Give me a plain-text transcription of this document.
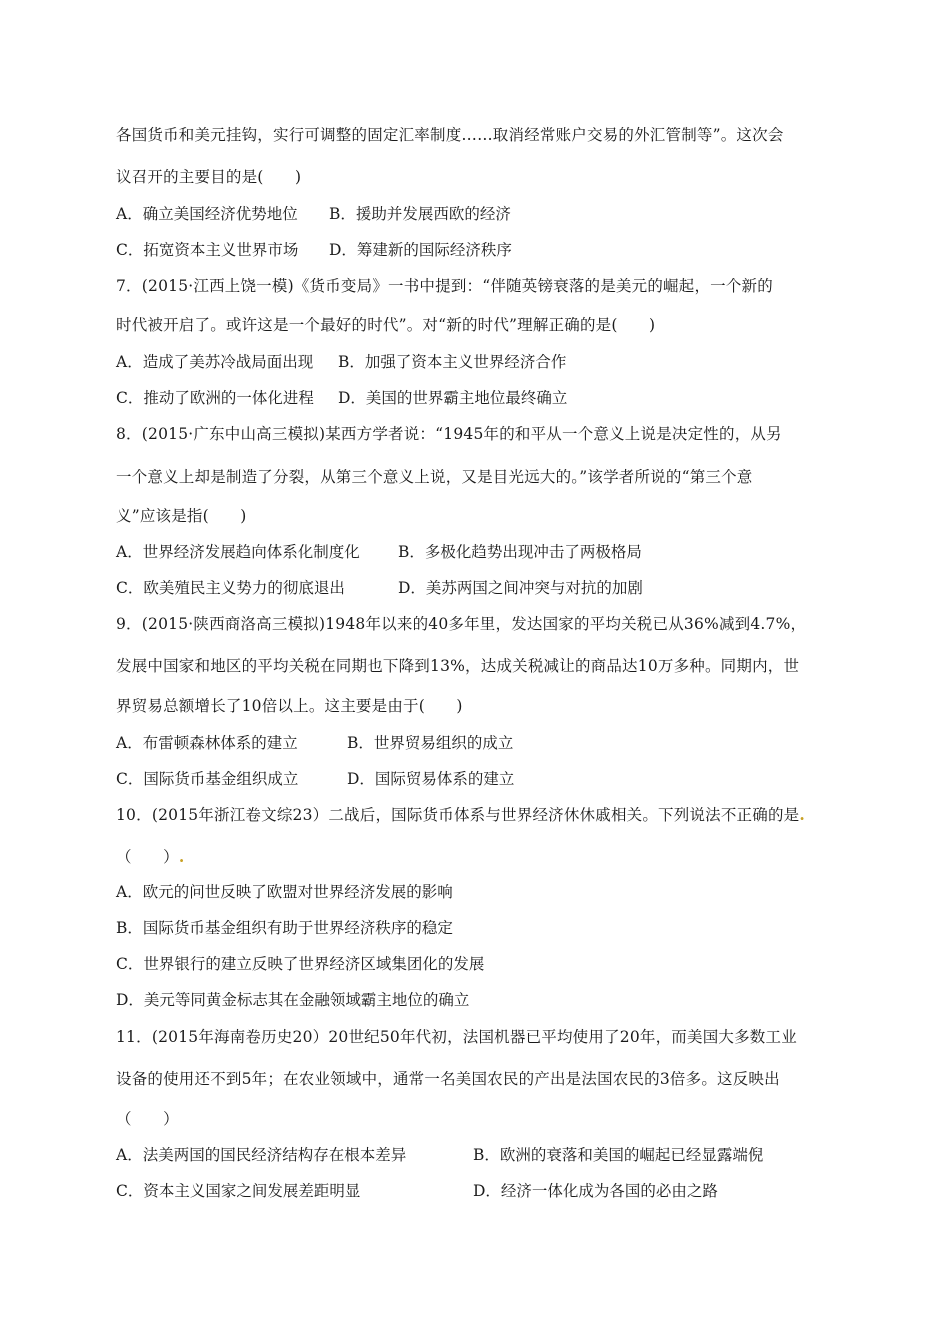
各国货币和美元挂钩，实行可调整的固定汇率制度……取消经常账户交易的外汇管制等”。这次会
议召开的主要目的是(　　)
A．确立美国经济优势地位 B．援助并发展西欧的经济
C．拓宽资本主义世界市场 D．筹建新的国际经济秩序
7．(2015·江西上饶一模)《货币变局》一书中提到：“伴随英镑衰落的是美元的崛起，一个新的
时代被开启了。或许这是一个最好的时代”。对“新的时代”理解正确的是(　　)
A．造成了美苏冷战局面出现 B．加强了资本主义世界经济合作
C．推动了欧洲的一体化进程 D．美国的世界霸主地位最终确立
8．(2015·广东中山高三模拟)某西方学者说：“1945年的和平从一个意义上说是决定性的，从另
一个意义上却是制造了分裂，从第三个意义上说，又是目光远大的。”该学者所说的“第三个意
义”应该是指(　　)
A．世界经济发展趋向体系化制度化 B．多极化趋势出现冲击了两极格局
C．欧美殖民主义势力的彻底退出	D．美苏两国之间冲突与对抗的加剧
9．(2015·陕西商洛高三模拟)1948年以来的40多年里，发达国家的平均关税已从36%减到4.7%，
发展中国家和地区的平均关税在同期也下降到13%，达成关税减让的商品达10万多种。同期内，世
界贸易总额增长了10倍以上。这主要是由于(　　)
A．布雷顿森林体系的建立	B．世界贸易组织的成立
C．国际货币基金组织成立	D．国际贸易体系的建立
10．(2015年浙江卷文综23）二战后，国际货币体系与世界经济休休戚相关。下列说法不正确的是.
（　　）.
A．欧元的问世反映了欧盟对世界经济发展的影响
B．国际货币基金组织有助于世界经济秩序的稳定
C．世界银行的建立反映了世界经济区域集团化的发展
D．美元等同黄金标志其在金融领域霸主地位的确立
11．(2015年海南卷历史20）20世纪50年代初，法国机器已平均使用了20年，而美国大多数工业
设备的使用还不到5年；在农业领域中，通常一名美国农民的产出是法国农民的3倍多。这反映出
（　　）
A．法美两国的国民经济结构存在根本差异	B．欧洲的衰落和美国的崛起已经显露端倪
C．资本主义国家之间发展差距明显	D．经济一体化成为各国的必由之路
